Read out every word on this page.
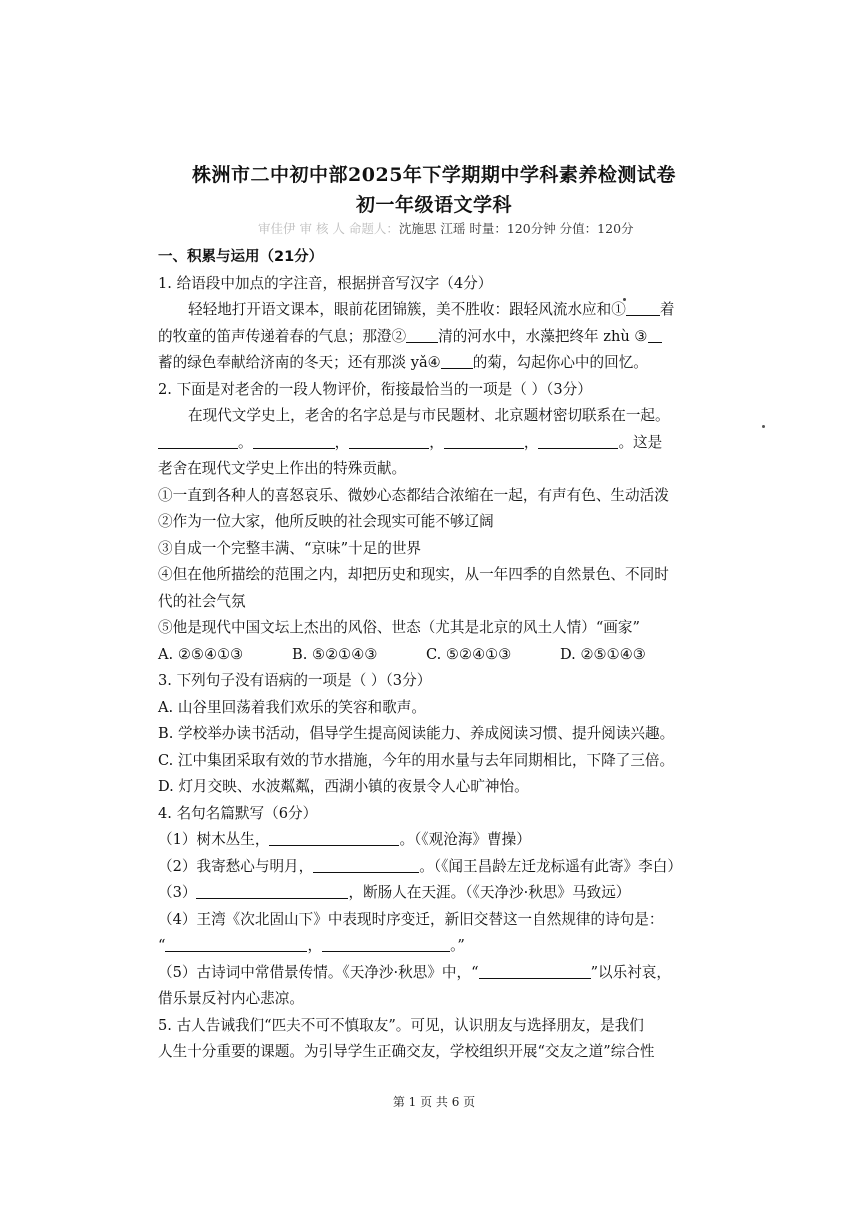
株洲市二中初中部2025年下学期期中学科素养检测试卷
初一年级语文学科
审佳伊 审 核 人 命题人：沈施思 江瑶 时量：120分钟 分值：120分
一、积累与运用（21分）
1. 给语段中加点的字注音，根据拼音写汉字（4分）
轻轻地打开语文课本，眼前花团锦簇，美不胜收：跟轻风流水应和① 着
的牧童的笛声传递着春的气息；那澄② 清的河水中，水藻把终年 zhù ③
蓄的绿色奉献给济南的冬天；还有那淡 yǎ④ 的菊，勾起你心中的回忆。
2. 下面是对老舍的一段人物评价，衔接最恰当的一项是（ ）（3分）
在现代文学史上，老舍的名字总是与市民题材、北京题材密切联系在一起。
。	，	，	，	。这是
老舍在现代文学史上作出的特殊贡献。
①一直到各种人的喜怒哀乐、微妙心态都结合浓缩在一起，有声有色、生动活泼
②作为一位大家，他所反映的社会现实可能不够辽阔
③自成一个完整丰满、“京味”十足的世界
④但在他所描绘的范围之内，却把历史和现实，从一年四季的自然景色、不同时
代的社会气氛
⑤他是现代中国文坛上杰出的风俗、世态（尤其是北京的风土人情）“画家”
A. ②⑤④①③	B. ⑤②①④③	C. ⑤②④①③	D. ②⑤①④③
3. 下列句子没有语病的一项是（ ）（3分）
A. 山谷里回荡着我们欢乐的笑容和歌声。
B. 学校举办读书活动，倡导学生提高阅读能力、养成阅读习惯、提升阅读兴趣。
C. 江中集团采取有效的节水措施，今年的用水量与去年同期相比，下降了三倍。
D. 灯月交映、水波粼粼，西湖小镇的夜景令人心旷神怡。
4. 名句名篇默写（6分）
（1）树木丛生，	。（《观沧海》曹操）
（2）我寄愁心与明月，	。（《闻王昌龄左迁龙标遥有此寄》李白）
（3）	，断肠人在天涯。（《天净沙·秋思》马致远）
（4）王湾《次北固山下》中表现时序变迁，新旧交替这一自然规律的诗句是：
“	，	。”
（5）古诗词中常借景传情。《天净沙·秋思》中，“	”以乐衬哀，
借乐景反衬内心悲凉。
5. 古人告诫我们“匹夫不可不慎取友”。可见，认识朋友与选择朋友，是我们
人生十分重要的课题。为引导学生正确交友，学校组织开展“交友之道”综合性
第 1 页 共 6 页
